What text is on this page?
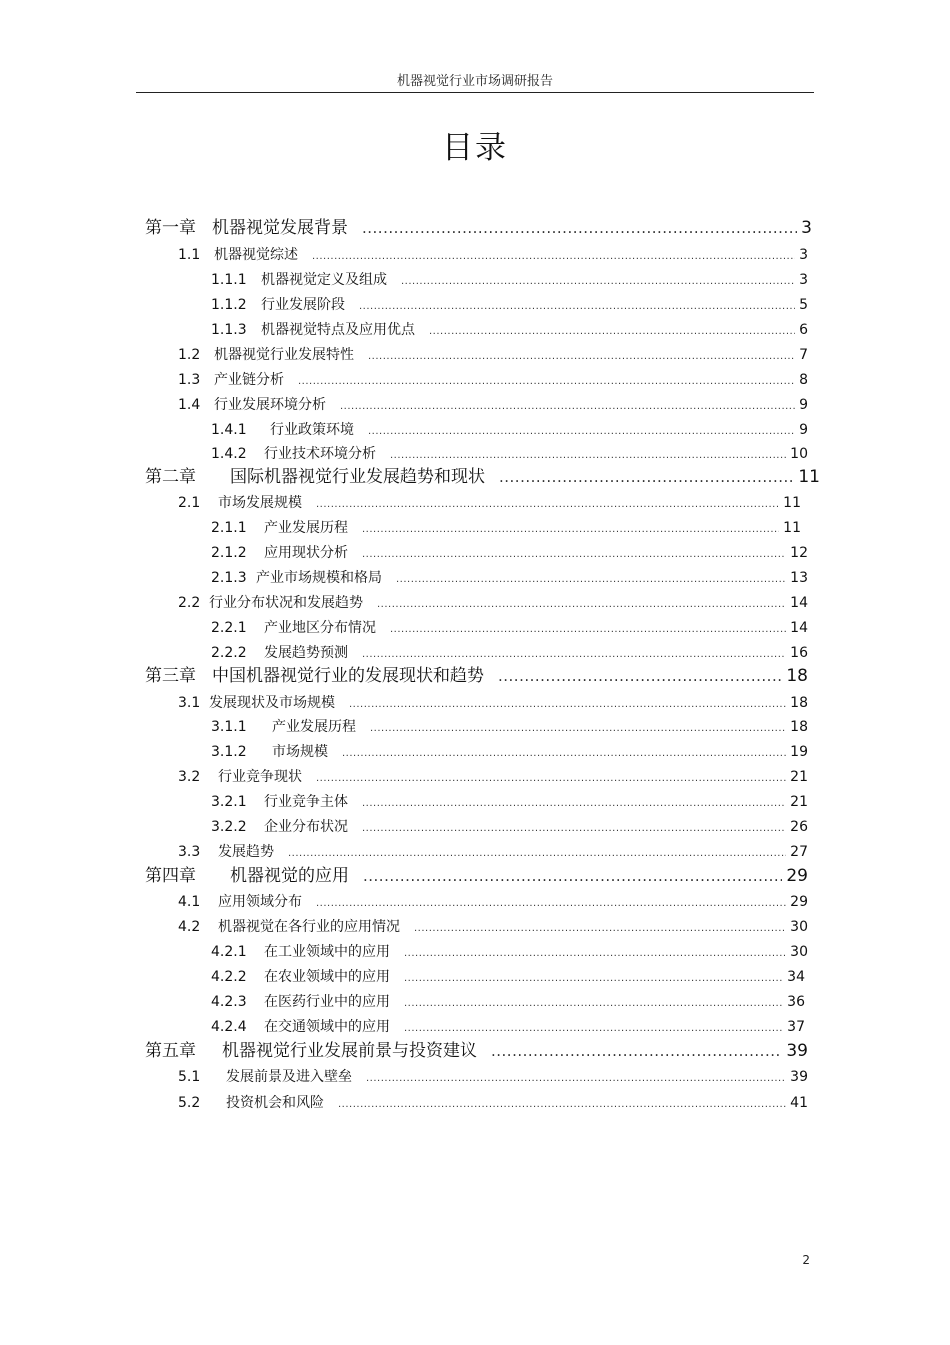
机器视觉行业市场调研报告
目录
第一章 机器视觉发展背景 .....	3
1.1 机器视觉综述 .....	3
1.1.1	机器视觉定义及组成 .....	3
1.1.2	行业发展阶段 .....	5
1.1.3	机器视觉特点及应用优点 .....	6
1.2 机器视觉行业发展特性 .....	7
1.3 产业链分析 .....	8
1.4 行业发展环境分析 .....	9
1.4.1	行业政策环境 .....	9
1.4.2	行业技术环境分析 .....	10
第二章	国际机器视觉行业发展趋势和现状 .....	11
2.1	市场发展规模 .....	11
2.1.1	产业发展历程 .....	11
2.1.2	应用现状分析 .....	12
2.1.3 产业市场规模和格局 .....	13
2.2 行业分布状况和发展趋势 .....	14
2.2.1	产业地区分布情况 .....	14
2.2.2	发展趋势预测 .....	16
第三章 中国机器视觉行业的发展现状和趋势 .....	18
3.1 发展现状及市场规模 .....	18
3.1.1	产业发展历程 .....	18
3.1.2	市场规模 .....	19
3.2	行业竞争现状 .....	21
3.2.1	行业竞争主体 .....	21
3.2.2	企业分布状况 .....	26
3.3	发展趋势 .....	27
第四章	机器视觉的应用 .....	29
4.1	应用领域分布 .....	29
4.2	机器视觉在各行业的应用情况 .....	30
4.2.1	在工业领域中的应用 .....	30
4.2.2	在农业领域中的应用 .....	34
4.2.3	在医药行业中的应用 .....	36
4.2.4	在交通领域中的应用 .....	37
第五章	机器视觉行业发展前景与投资建议 .....	39
5.1	发展前景及进入壁垒 .....	39
5.2	投资机会和风险 .....	41
2
